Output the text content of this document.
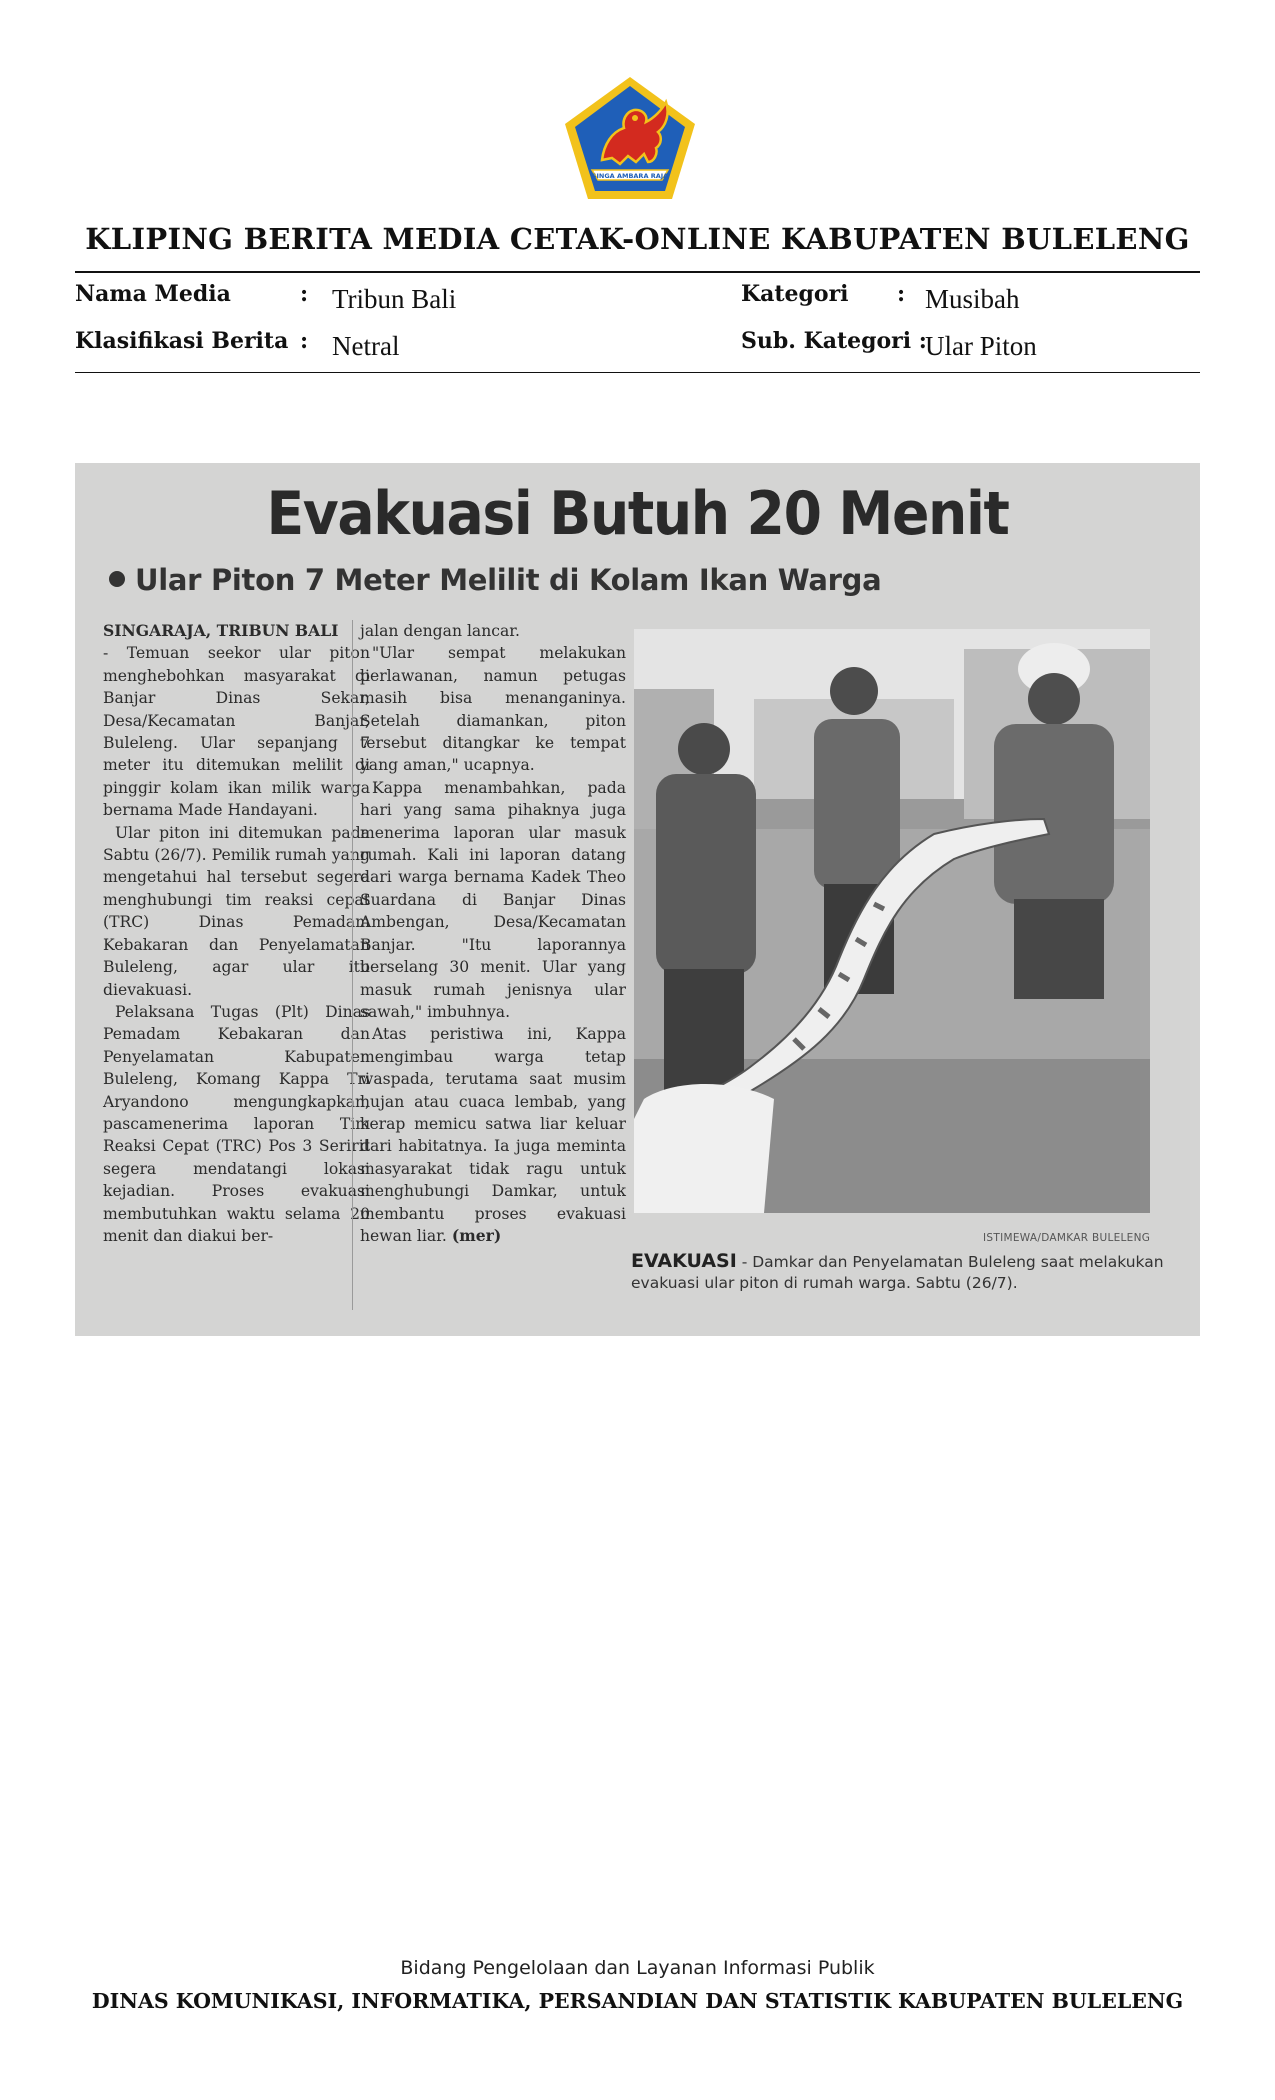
SINGA AMBARA RAJA
KLIPING BERITA MEDIA CETAK-ONLINE KABUPATEN BULELENG
Nama Media	: Tribun Bali
Klasifikasi Berita : Netral
Kategori : Musibah
Sub. Kategori :
Ular Piton
Evakuasi Butuh 20 Menit
Ular Piton 7 Meter Melilit di Kolam Ikan Warga

SINGARAJA, TRIBUN BALI

- Temuan seekor ular piton menghebohkan masyarakat di Banjar Dinas Sekar, Desa/Kecamatan Banjar, Buleleng. Ular sepanjang 7 meter itu ditemukan melilit di pinggir kolam ikan milik warga bernama Made Handayani.

Ular piton ini ditemukan pada Sabtu (26/7). Pemilik rumah yang mengetahui hal tersebut segera menghubungi tim reaksi cepat (TRC) Dinas Pemadam Kebakaran dan Penyelamatan Buleleng, agar ular itu dievakuasi.

Pelaksana Tugas (Plt) Dinas Pemadam Kebakaran dan Penyelamatan Kabupaten Buleleng, Komang Kappa Tri Aryandono mengungkapkan, pascamenerima laporan Tim Reaksi Cepat (TRC) Pos 3 Seririt segera mendatangi lokasi kejadian. Proses evakuasi membutuhkan waktu selama 20 menit dan diakui ber-

jalan dengan lancar.

"Ular sempat melakukan perlawanan, namun petugas masih bisa menanganinya. Setelah diamankan, piton tersebut ditangkar ke tempat yang aman," ucapnya.

Kappa menambahkan, pada hari yang sama pihaknya juga menerima laporan ular masuk rumah. Kali ini laporan datang dari warga bernama Kadek Theo Suardana di Banjar Dinas Ambengan, Desa/Kecamatan Banjar. "Itu laporannya berselang 30 menit. Ular yang masuk rumah jenisnya ular sawah," imbuhnya.

Atas peristiwa ini, Kappa mengimbau warga tetap waspada, terutama saat musim hujan atau cuaca lembab, yang kerap memicu satwa liar keluar dari habitatnya. Ia juga meminta masyarakat tidak ragu untuk menghubungi Damkar, untuk membantu proses evakuasi hewan liar. (mer)	ISTIMEWA/DAMKAR BULELENG
EVAKUASI - Damkar dan Penyelamatan Buleleng saat melakukan evakuasi ular piton di rumah warga. Sabtu (26/7).
Bidang Pengelolaan dan Layanan Informasi Publik
DINAS KOMUNIKASI, INFORMATIKA, PERSANDIAN DAN STATISTIK KABUPATEN BULELENG
